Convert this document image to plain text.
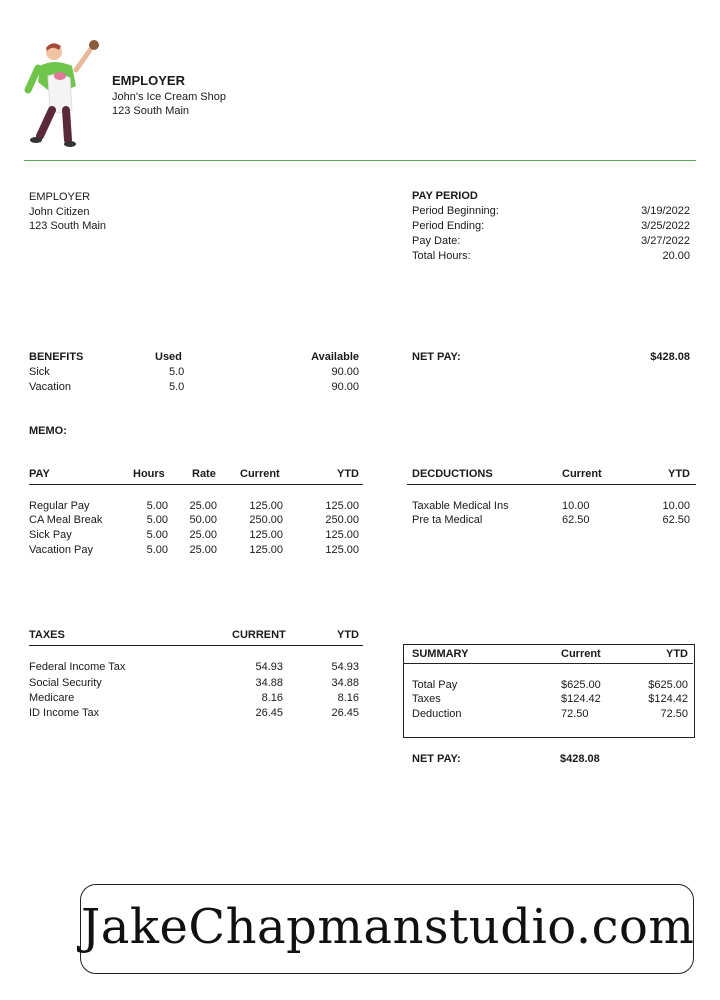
EMPLOYER
John's Ice Cream Shop
123 South Main
EMPLOYER
John Citizen
123 South Main
PAY PERIOD
Period Beginning:	3/19/2022
Period Ending:	3/25/2022
Pay Date:	3/27/2022
Total Hours:	20.00
BENEFITS	Used	Available
Sick	5.0	90.00
Vacation	5.0	90.00
NET PAY:	$428.08
MEMO:
PAY	Hours Rate Current	YTD
Regular Pay	5.00 25.00	125.00	125.00
CA Meal Break	5.00 50.00	250.00	250.00
Sick Pay	5.00 25.00	125.00	125.00
Vacation Pay	5.00 25.00	125.00	125.00
DECDUCTIONS	Current	YTD
Taxable Medical Ins	10.00	10.00
Pre ta Medical	62.50	62.50
TAXES	CURRENT	YTD
Federal Income Tax	54.93	54.93
Social Security	34.88	34.88
Medicare	8.16	8.16
ID Income Tax	26.45	26.45
SUMMARY	Current	YTD
Total Pay	$625.00	$625.00
Taxes	$124.42	$124.42
Deduction	72.50	72.50
NET PAY:	$428.08
JakeChapmanstudio.com
